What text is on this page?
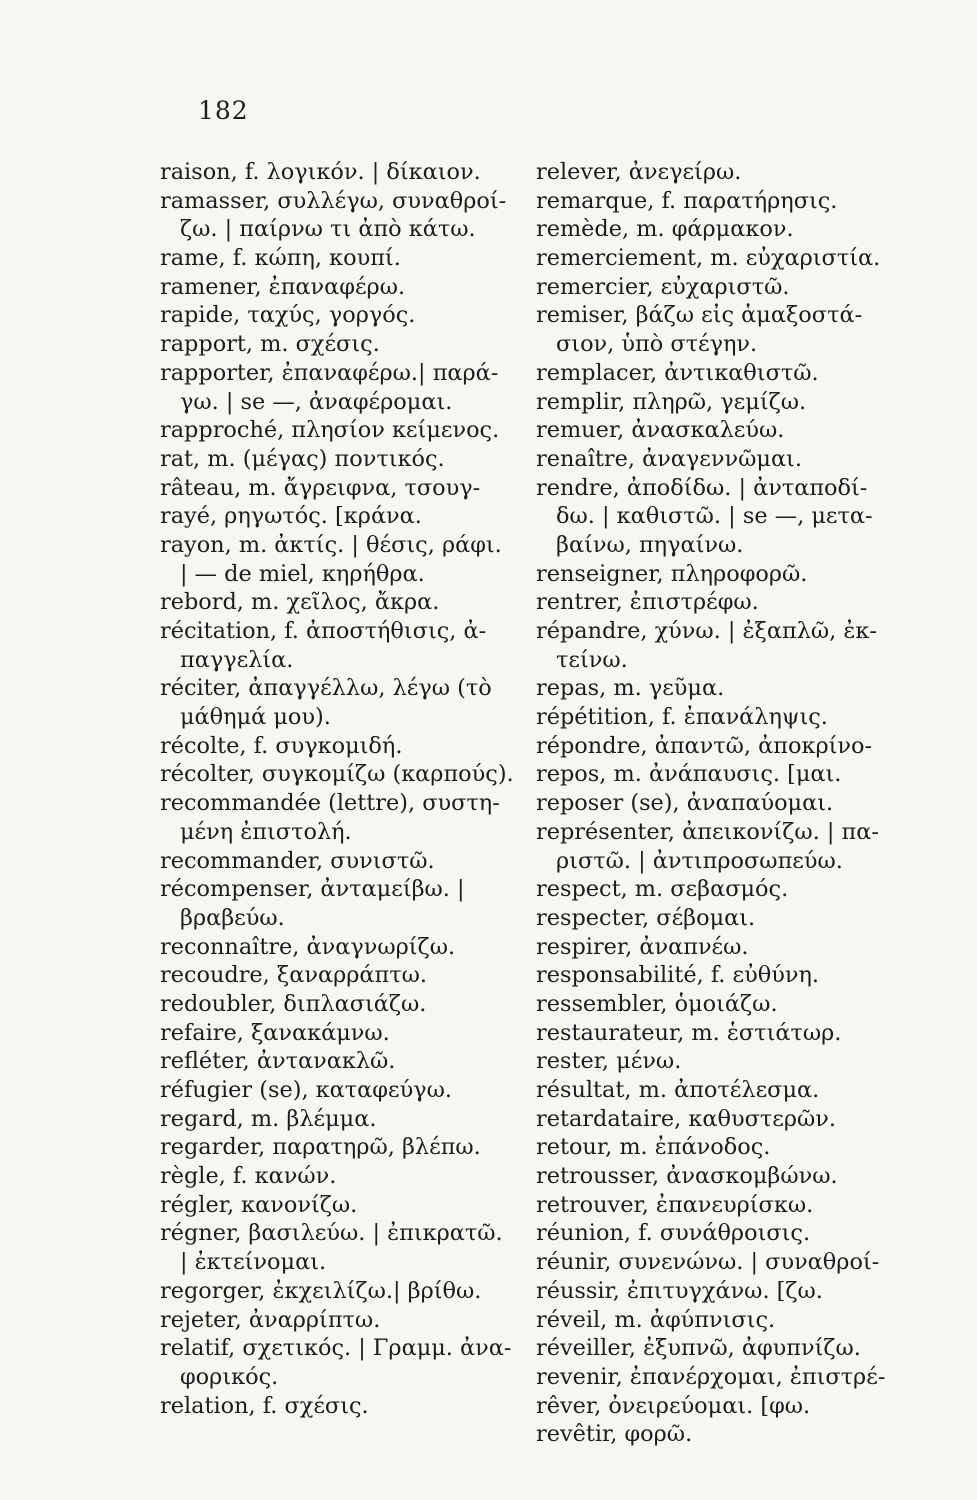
182
raison, f. λογικόν. | δίκαιον.
ramasser, συλλέγω, συναθροί-
ζω. | παίρνω τι ἀπὸ κάτω.
rame, f. κώπη, κουπί.
ramener, ἐπαναφέρω.
rapide, ταχύς, γοργός.
rapport, m. σχέσις.
rapporter, ἐπαναφέρω.| παρά-
γω. | se —, ἀναφέρομαι.
rapproché, πλησίον κείμενος.
rat, m. (μέγας) ποντικός.
râteau, m. ἄγρειφνα, τσουγ-
rayé, ρηγωτός. [κράνα.
rayon, m. ἀκτίς. | θέσις, ράφι.
| — de miel, κηρήθρα.
rebord, m. χεῖλος, ἄκρα.
récitation, f. ἀποστήθισις, ἀ-
παγγελία.
réciter, ἀπαγγέλλω, λέγω (τὸ
μάθημά μου).
récolte, f. συγκομιδή.
récolter, συγκομίζω (καρπούς).
recommandée (lettre), συστη-
μένη ἐπιστολή.
recommander, συνιστῶ.
récompenser, ἀνταμείβω. |
βραβεύω.
reconnaître, ἀναγνωρίζω.
recoudre, ξαναρράπτω.
redoubler, διπλασιάζω.
refaire, ξανακάμνω.
refléter, ἀντανακλῶ.
réfugier (se), καταφεύγω.
regard, m. βλέμμα.
regarder, παρατηρῶ, βλέπω.
règle, f. κανών.
régler, κανονίζω.
régner, βασιλεύω. | ἐπικρατῶ.
| ἐκτείνομαι.
regorger, ἐκχειλίζω.| βρίθω.
rejeter, ἀναρρίπτω.
relatif, σχετικός. | Γραμμ. ἀνα-
φορικός.
relation, f. σχέσις.
relever, ἀνεγείρω.
remarque, f. παρατήρησις.
remède, m. φάρμακον.
remerciement, m. εὐχαριστία.
remercier, εὐχαριστῶ.
remiser, βάζω εἰς ἁμαξοστά-
σιον, ὑπὸ στέγην.
remplacer, ἀντικαθιστῶ.
remplir, πληρῶ, γεμίζω.
remuer, ἀνασκαλεύω.
renaître, ἀναγεννῶμαι.
rendre, ἀποδίδω. | ἀνταποδί-
δω. | καθιστῶ. | se —, μετα-
βαίνω, πηγαίνω.
renseigner, πληροφορῶ.
rentrer, ἐπιστρέφω.
répandre, χύνω. | ἐξαπλῶ, ἐκ-
τείνω.
repas, m. γεῦμα.
répétition, f. ἐπανάληψις.
répondre, ἀπαντῶ, ἀποκρίνο-
repos, m. ἀνάπαυσις. [μαι.
reposer (se), ἀναπαύομαι.
représenter, ἀπεικονίζω. | πα-
ριστῶ. | ἀντιπροσωπεύω.
respect, m. σεβασμός.
respecter, σέβομαι.
respirer, ἀναπνέω.
responsabilité, f. εὐθύνη.
ressembler, ὁμοιάζω.
restaurateur, m. ἑστιάτωρ.
rester, μένω.
résultat, m. ἀποτέλεσμα.
retardataire, καθυστερῶν.
retour, m. ἐπάνοδος.
retrousser, ἀνασκομβώνω.
retrouver, ἐπανευρίσκω.
réunion, f. συνάθροισις.
réunir, συνενώνω. | συναθροί-
réussir, ἐπιτυγχάνω. [ζω.
réveil, m. ἀφύπνισις.
réveiller, ἐξυπνῶ, ἀφυπνίζω.
revenir, ἐπανέρχομαι, ἐπιστρέ-
rêver, ὀνειρεύομαι. [φω.
revêtir, φορῶ.
